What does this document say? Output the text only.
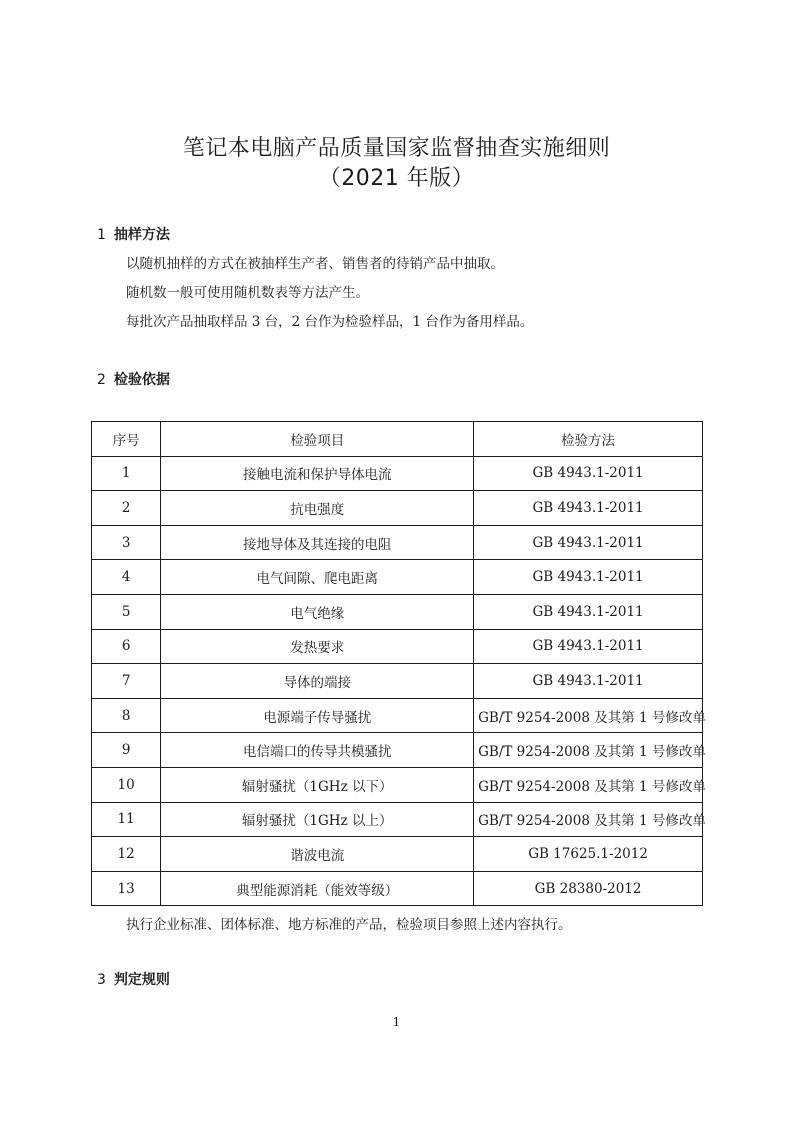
笔记本电脑产品质量国家监督抽查实施细则
（2021 年版）
1 抽样方法
以随机抽样的方式在被抽样生产者、销售者的待销产品中抽取。
随机数一般可使用随机数表等方法产生。
每批次产品抽取样品 3 台，2 台作为检验样品，1 台作为备用样品。
2 检验依据
序号	检验项目	检验方法
1	接触电流和保护导体电流	GB 4943.1-2011
2	抗电强度	GB 4943.1-2011
3	接地导体及其连接的电阻	GB 4943.1-2011
4	电气间隙、爬电距离	GB 4943.1-2011
5	电气绝缘	GB 4943.1-2011
6	发热要求	GB 4943.1-2011
7	导体的端接	GB 4943.1-2011
8	电源端子传导骚扰	GB/T 9254-2008 及其第 1 号修改单
9	电信端口的传导共模骚扰	GB/T 9254-2008 及其第 1 号修改单
10	辐射骚扰（1GHz 以下）	GB/T 9254-2008 及其第 1 号修改单
11	辐射骚扰（1GHz 以上）	GB/T 9254-2008 及其第 1 号修改单
12	谐波电流	GB 17625.1-2012
13	典型能源消耗（能效等级）	GB 28380-2012
执行企业标准、团体标准、地方标准的产品，检验项目参照上述内容执行。
3 判定规则
1
